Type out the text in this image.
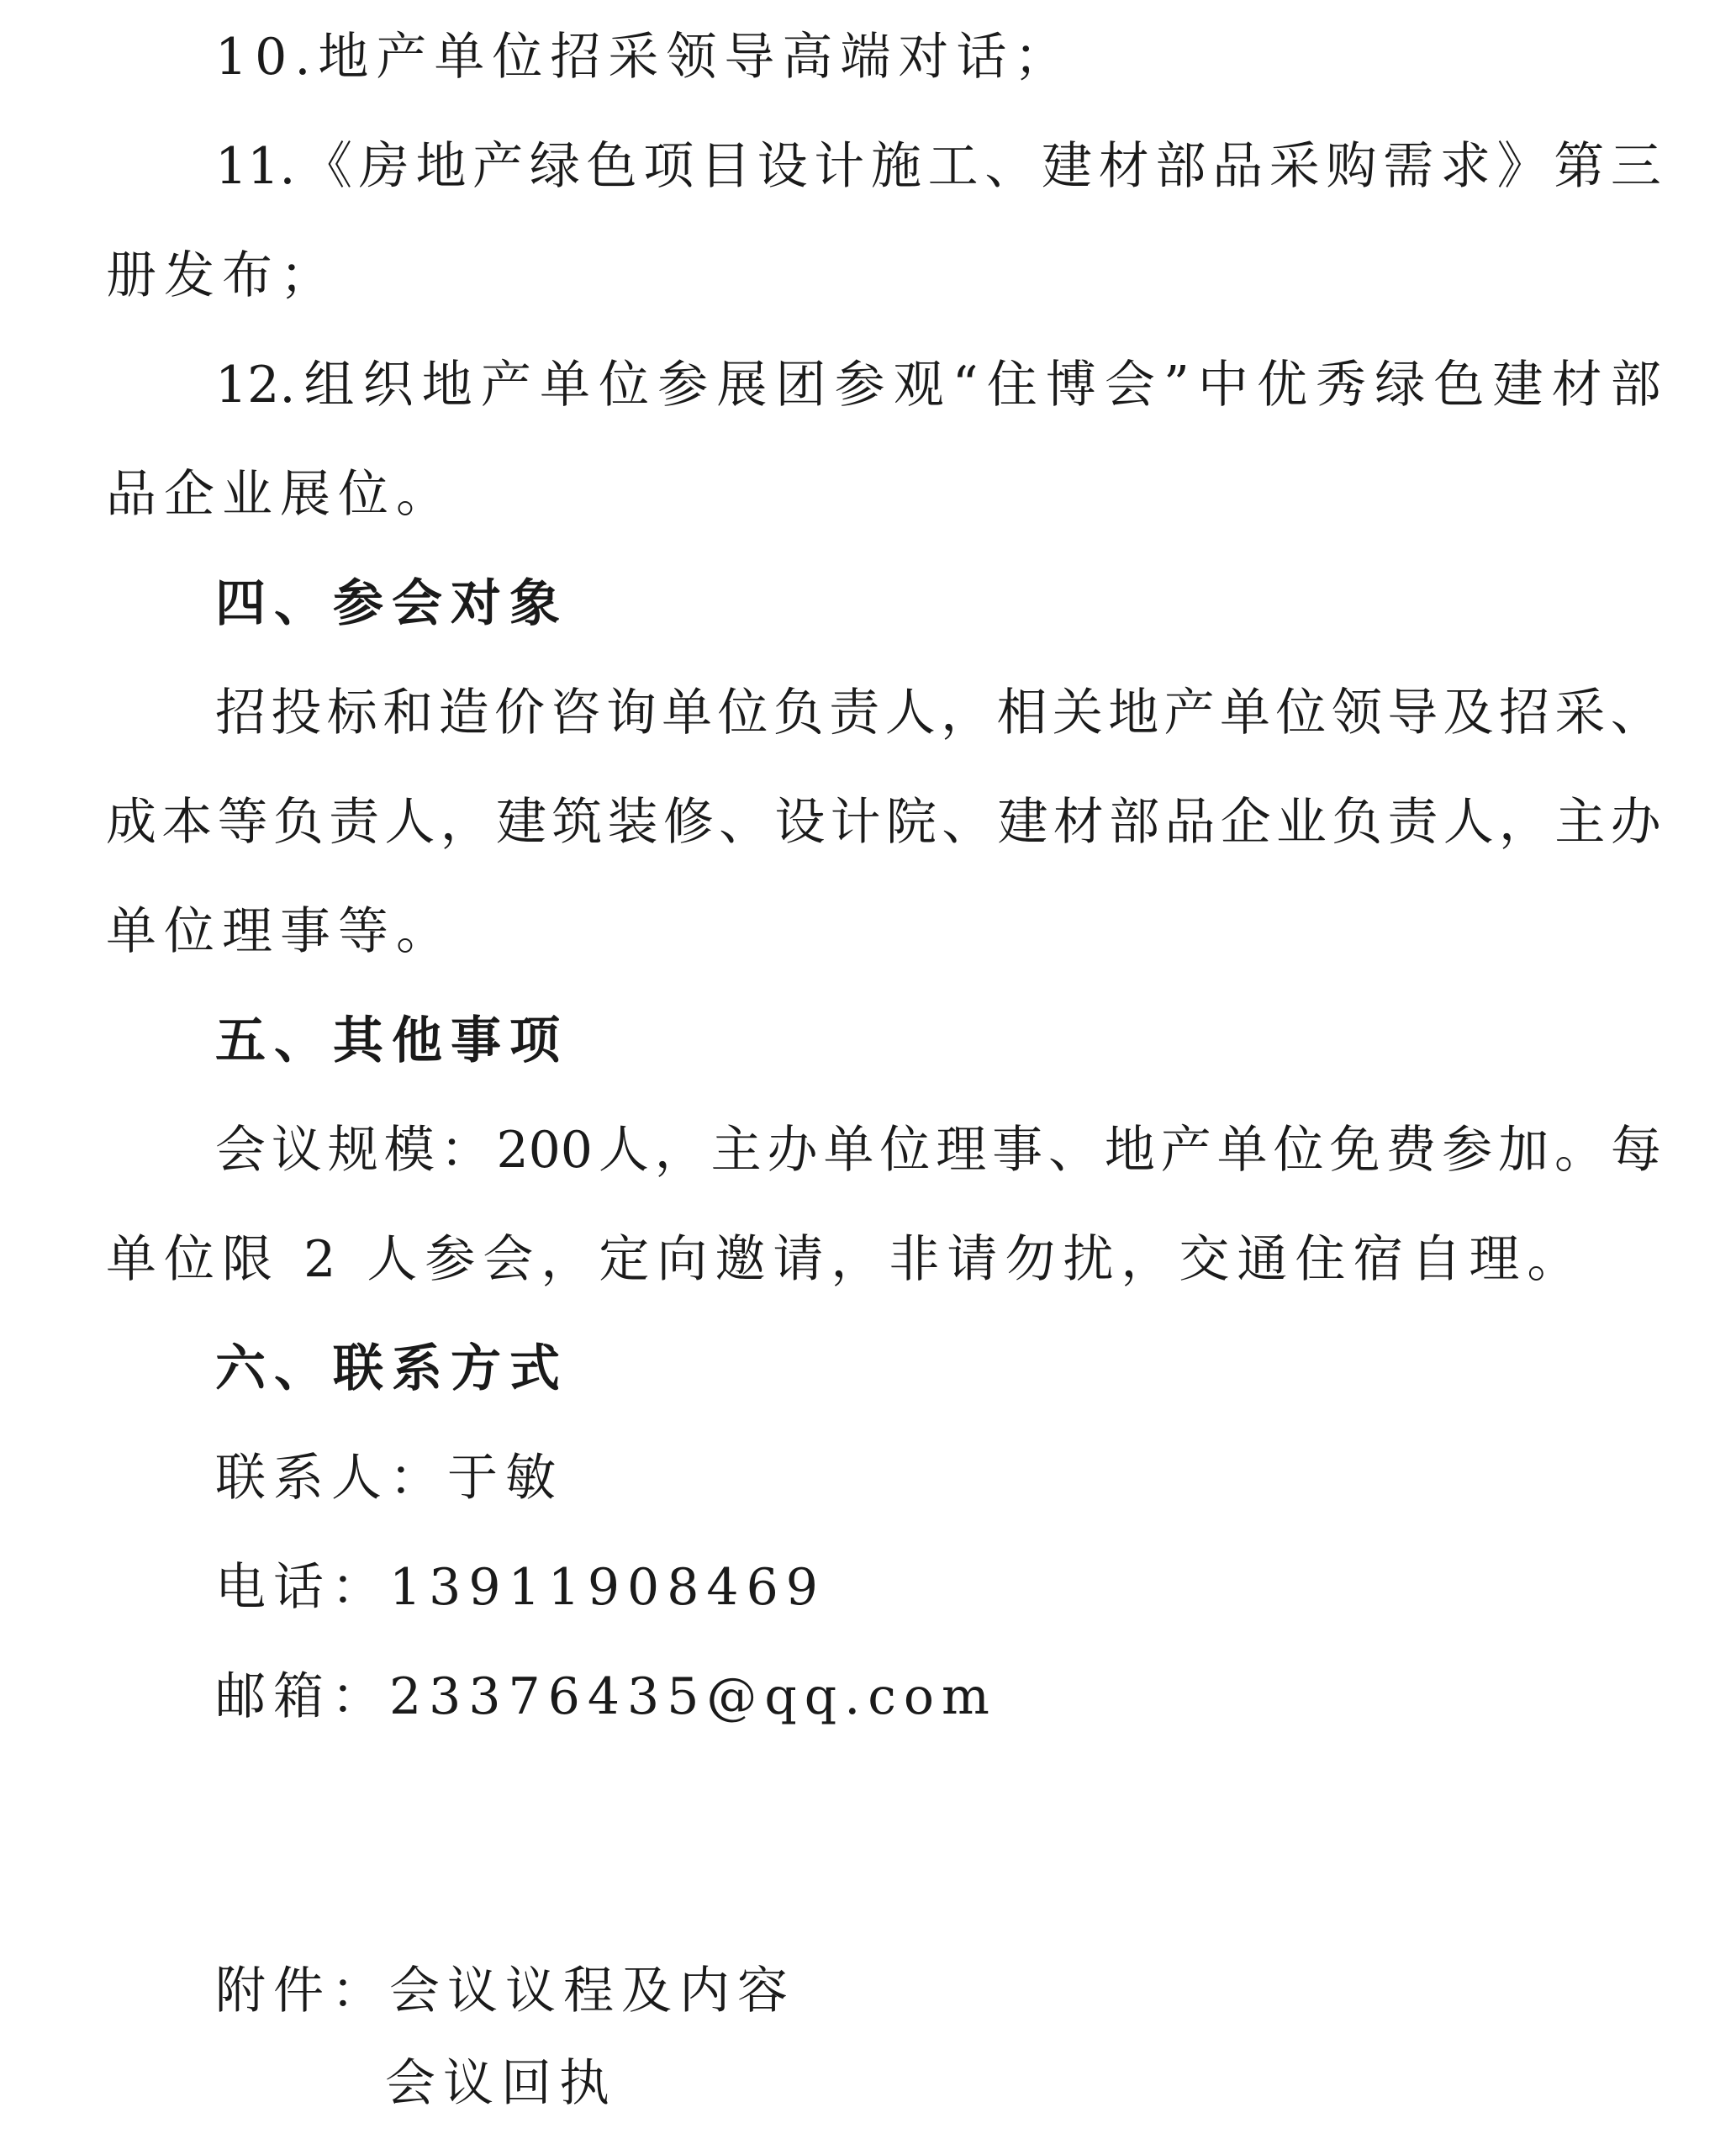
10.地产单位招采领导高端对话；
11. 《 房 地 产 绿 色 项 目 设 计 施 工 、 建 材 部 品 采 购 需 求 》 第 三
册发布；
12. 组 织 地 产 单 位 参 展 团 参 观 “ 住 博 会 ” 中 优 秀 绿 色 建 材 部
品企业展位。
四、参会对象
招 投 标 和 造 价 咨 询 单 位 负 责 人 ， 相 关 地 产 单 位 领 导 及 招 采 、
成 本 等 负 责 人 ， 建 筑 装 修 、 设 计 院 、 建 材 部 品 企 业 负 责 人 ， 主 办
单位理事等。
五、其他事项
会 议 规 模 ： 200 人 ， 主 办 单 位 理 事 、 地 产 单 位 免 费 参 加 。 每
单位限 2 人参会，定向邀请，非请勿扰，交通住宿自理。
六、联系方式
联系人：于敏
电话：13911908469
邮箱：23376435@qq.com
附件：会议议程及内容
会议回执
